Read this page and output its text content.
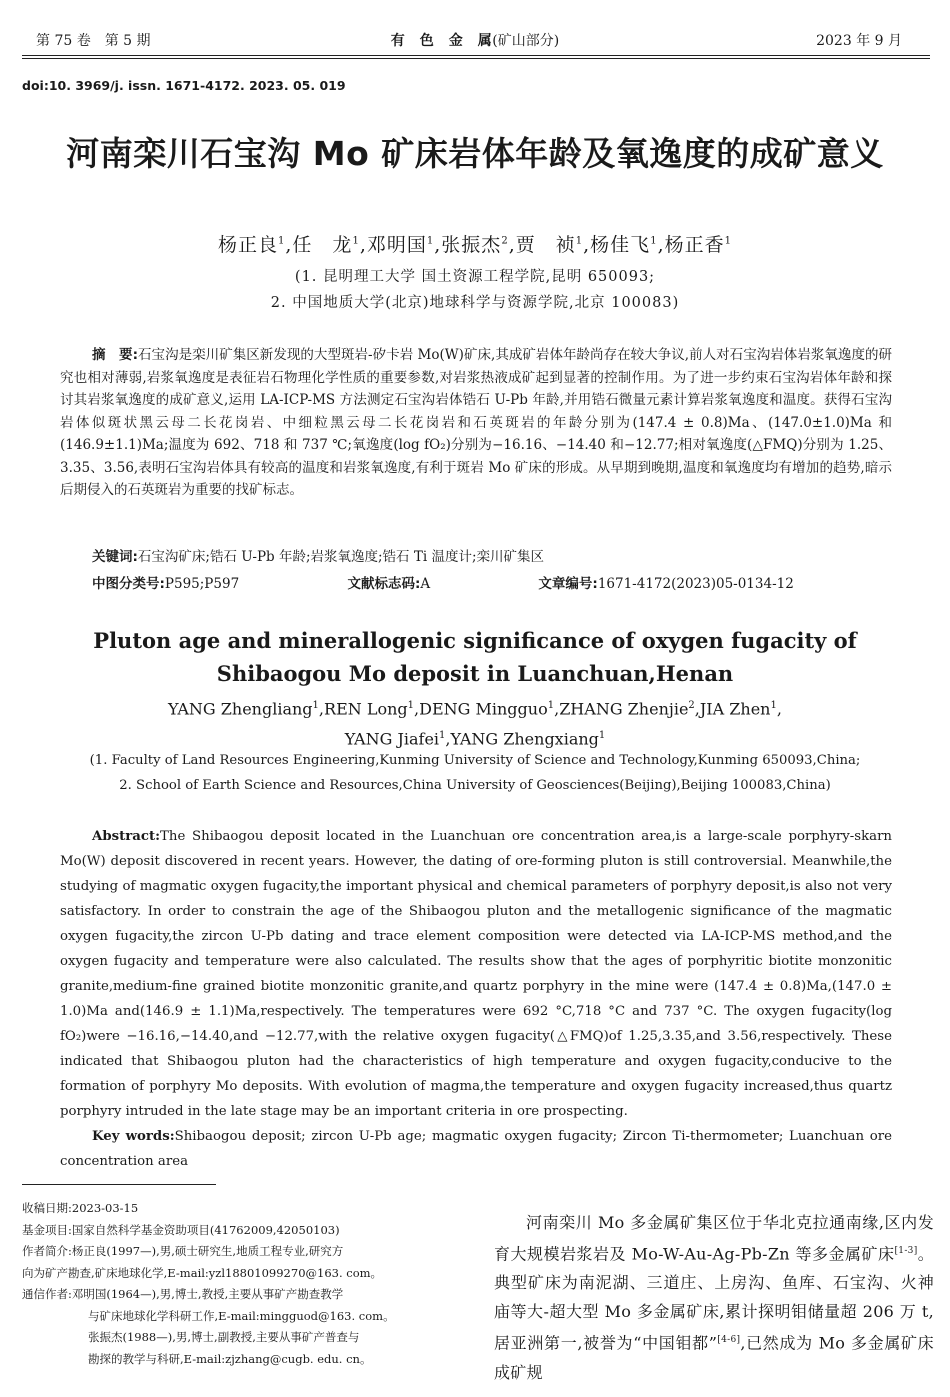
第 75 卷　第 5 期	有　色　金　属(矿山部分)	2023 年 9 月
doi:10. 3969/j. issn. 1671-4172. 2023. 05. 019
河南栾川石宝沟 Mo 矿床岩体年龄及氧逸度的成矿意义
杨正良$^1$,任　龙$^1$,邓明国$^1$,张振杰$^2$,贾　祯$^1$,杨佳飞$^1$,杨正香$^1$
(1. 昆明理工大学 国土资源工程学院,昆明 650093;
2. 中国地质大学(北京)地球科学与资源学院,北京 100083)
摘　要:石宝沟是栾川矿集区新发现的大型斑岩-矽卡岩 Mo(W)矿床,其成矿岩体年龄尚存在较大争议,前人对石宝沟岩体岩浆氧逸度的研究也相对薄弱,岩浆氧逸度是表征岩石物理化学性质的重要参数,对岩浆热液成矿起到显著的控制作用。为了进一步约束石宝沟岩体年龄和探讨其岩浆氧逸度的成矿意义,运用 LA-ICP-MS 方法测定石宝沟岩体锆石 U-Pb 年龄,并用锆石微量元素计算岩浆氧逸度和温度。获得石宝沟岩体似斑状黑云母二长花岗岩、中细粒黑云母二长花岗岩和石英斑岩的年龄分别为(147.4 ± 0.8)Ma、(147.0±1.0)Ma 和(146.9±1.1)Ma;温度为 692、718 和 737 ℃;氧逸度(log fO₂)分别为−16.16、−14.40 和−12.77;相对氧逸度(△FMQ)分别为 1.25、3.35、3.56,表明石宝沟岩体具有较高的温度和岩浆氧逸度,有利于斑岩 Mo 矿床的形成。从早期到晚期,温度和氧逸度均有增加的趋势,暗示后期侵入的石英斑岩为重要的找矿标志。
关键词:石宝沟矿床;锆石 U-Pb 年龄;岩浆氧逸度;锆石 Ti 温度计;栾川矿集区
中图分类号:P595;P597	文献标志码:A	文章编号:1671-4172(2023)05-0134-12
Pluton age and minerallogenic significance of oxygen fugacity of Shibaogou Mo deposit in Luanchuan,Henan
YANG Zhengliang$^1$,REN Long$^1$,DENG Mingguo$^1$,ZHANG Zhenjie$^2$,JIA Zhen$^1$,
YANG Jiafei$^1$,YANG Zhengxiang$^1$
(1. Faculty of Land Resources Engineering,Kunming University of Science and Technology,Kunming 650093,China;
2. School of Earth Science and Resources,China University of Geosciences(Beijing),Beijing 100083,China)
Abstract:The Shibaogou deposit located in the Luanchuan ore concentration area,is a large-scale porphyry-skarn Mo(W) deposit discovered in recent years. However, the dating of ore-forming pluton is still controversial. Meanwhile,the studying of magmatic oxygen fugacity,the important physical and chemical parameters of porphyry deposit,is also not very satisfactory. In order to constrain the age of the Shibaogou pluton and the metallogenic significance of the magmatic oxygen fugacity,the zircon U-Pb dating and trace element composition were detected via LA-ICP-MS method,and the oxygen fugacity and temperature were also calculated. The results show that the ages of porphyritic biotite monzonitic granite,medium-fine grained biotite monzonitic granite,and quartz porphyry in the mine were (147.4 ± 0.8)Ma,(147.0 ± 1.0)Ma and(146.9 ± 1.1)Ma,respectively. The temperatures were 692 °C,718 °C and 737 °C. The oxygen fugacity(log fO₂)were −16.16,−14.40,and −12.77,with the relative oxygen fugacity(△FMQ)of 1.25,3.35,and 3.56,respectively. These indicated that Shibaogou pluton had the characteristics of high temperature and oxygen fugacity,conducive to the formation of porphyry Mo deposits. With evolution of magma,the temperature and oxygen fugacity increased,thus quartz porphyry intruded in the late stage may be an important criteria in ore prospecting.
Key words:Shibaogou deposit; zircon U-Pb age; magmatic oxygen fugacity; Zircon Ti-thermometer; Luanchuan ore concentration area
收稿日期:2023-03-15
基金项目:国家自然科学基金资助项目(41762009,42050103)
作者简介:杨正良(1997—),男,硕士研究生,地质工程专业,研究方
向为矿产勘查,矿床地球化学,E-mail:yzl18801099270@163. com。
通信作者:邓明国(1964—),男,博士,教授,主要从事矿产勘查教学
与矿床地球化学科研工作,E-mail:mingguod@163. com。
张振杰(1988—),男,博士,副教授,主要从事矿产普查与
勘探的教学与科研,E-mail:zjzhang@cugb. edu. cn。
河南栾川 Mo 多金属矿集区位于华北克拉通南缘,区内发育大规模岩浆岩及 Mo-W-Au-Ag-Pb-Zn 等多金属矿床[1-3]。典型矿床为南泥湖、三道庄、上房沟、鱼库、石宝沟、火神庙等大-超大型 Mo 多金属矿床,累计探明钼储量超 206 万 t,居亚洲第一,被誉为“中国钼都”[4-6],已然成为 Mo 多金属矿床成矿规
